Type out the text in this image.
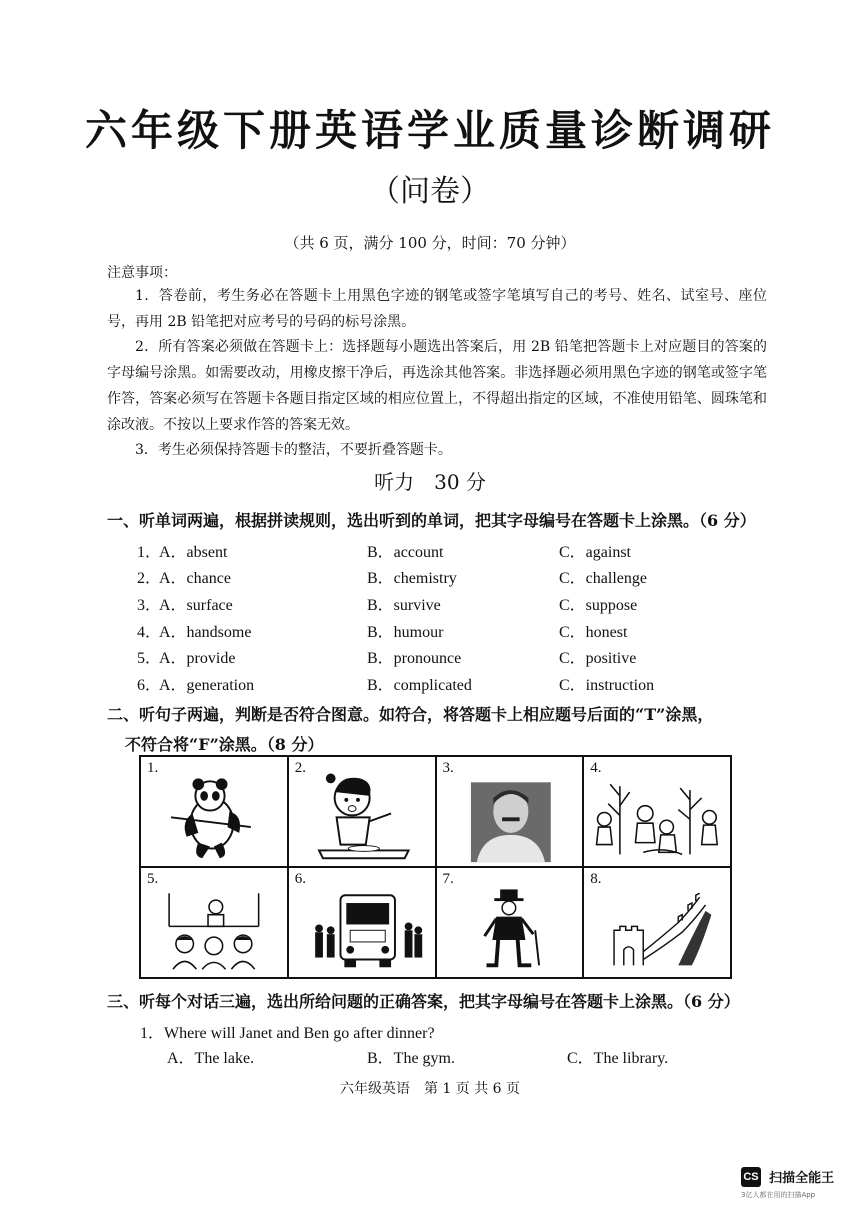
六年级下册英语学业质量诊断调研
（问卷）
（共 6 页，满分 100 分，时间：70 分钟）
注意事项：
1．答卷前，考生务必在答题卡上用黑色字迹的钢笔或签字笔填写自己的考号、姓名、试室号、座位号，再用 2B 铅笔把对应考号的号码的标号涂黑。
2．所有答案必须做在答题卡上：选择题每小题选出答案后，用 2B 铅笔把答题卡上对应题目的答案的字母编号涂黑。如需要改动，用橡皮擦干净后，再选涂其他答案。非选择题必须用黑色字迹的钢笔或签字笔作答，答案必须写在答题卡各题目指定区域的相应位置上，不得超出指定的区域，不准使用铅笔、圆珠笔和涂改液。不按以上要求作答的答案无效。
3．考生必须保持答题卡的整洁，不要折叠答题卡。
听力　30 分
一、听单词两遍，根据拼读规则，选出听到的单词，把其字母编号在答题卡上涂黑。（6 分）
1．
A．absent	B．account	C．against
2．
A．chance	B．chemistry	C．challenge
3．
A．surface	B．survive	C．suppose
4．
A．handsome	B．humour	C．honest
5．
A．provide	B．pronounce	C．positive
6．
A．generation	B．complicated	C．instruction
二、听句子两遍，判断是否符合图意。如符合，将答题卡上相应题号后面的“T”涂黑，
不符合将“F”涂黑。（8 分）
1.	2.	3.	4.
5.	6.	7.	8.
三、听每个对话三遍，选出所给问题的正确答案，把其字母编号在答题卡上涂黑。（6 分）
1．Where will Janet and Ben go after dinner?
A．The lake.	B．The gym.	C．The library.
六年级英语　第 1 页 共 6 页
CS 扫描全能王
3亿人都在用的扫描App
